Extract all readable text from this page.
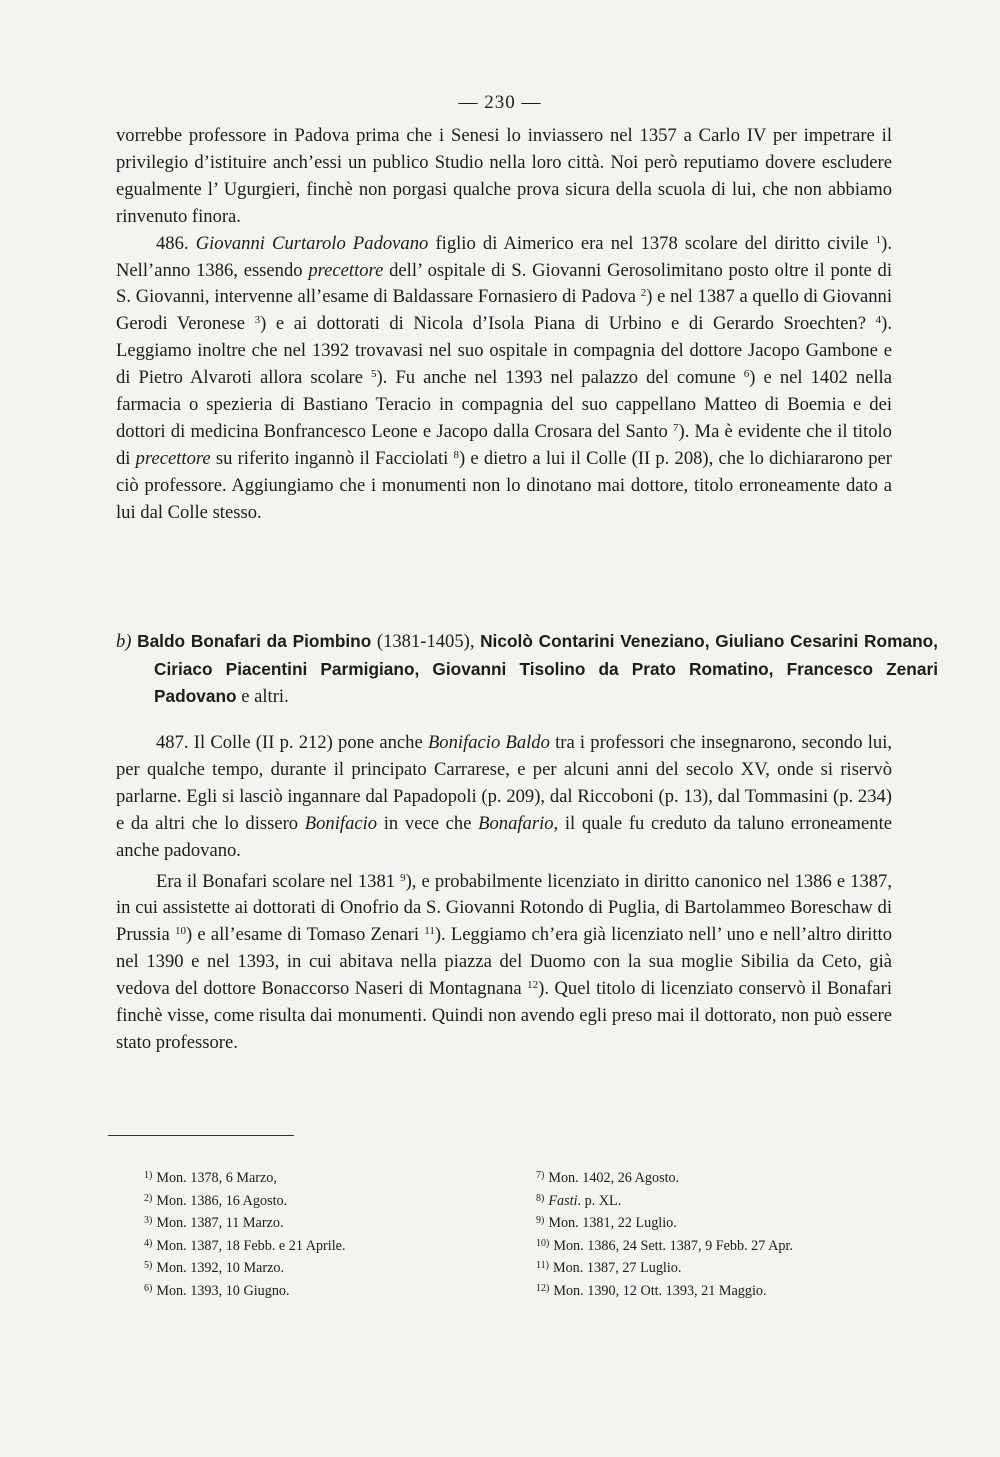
— 230 —

vorrebbe professore in Padova prima che i Senesi lo inviassero nel 1357 a Carlo IV per impetrare il privilegio d’istituire anch’essi un publico Studio nella loro città. Noi però reputiamo dovere escludere egualmente l’ Ugurgieri, finchè non porgasi qualche prova sicura della scuola di lui, che non abbiamo rinvenuto finora.

486. Giovanni Curtarolo Padovano figlio di Aimerico era nel 1378 scolare del diritto civile $^1$). Nell’anno 1386, essendo precettore dell’ ospitale di S. Giovanni Gerosolimitano posto oltre il ponte di S. Giovanni, intervenne all’esame di Baldassare Fornasiero di Padova $^2$) e nel 1387 a quello di Giovanni Gerodi Veronese $^3$) e ai dottorati di Nicola d’Isola Piana di Urbino e di Gerardo Sroechten? $^4$). Leggiamo inoltre che nel 1392 trovavasi nel suo ospitale in compagnia del dottore Jacopo Gambone e di Pietro Alvaroti allora scolare $^5$). Fu anche nel 1393 nel palazzo del comune $^6$) e nel 1402 nella farmacia o spezieria di Bastiano Teracio in compagnia del suo cappellano Matteo di Boemia e dei dottori di medicina Bonfrancesco Leone e Jacopo dalla Crosara del Santo $^7$). Ma è evidente che il titolo di precettore su riferito ingannò il Facciolati $^8$) e dietro a lui il Colle (II p. 208), che lo dichiararono per ciò professore. Aggiungiamo che i monumenti non lo dinotano mai dottore, titolo erroneamente dato a lui dal Colle stesso.

b) Baldo Bonafari da Piombino (1381-1405), Nicolò Contarini Veneziano, Giuliano Cesarini Romano, Ciriaco Piacentini Parmigiano, Giovanni Tisolino da Prato Romatino, Francesco Zenari Padovano e altri.

487. Il Colle (II p. 212) pone anche Bonifacio Baldo tra i professori che insegnarono, secondo lui, per qualche tempo, durante il principato Carrarese, e per alcuni anni del secolo XV, onde si riservò parlarne. Egli si lasciò ingannare dal Papadopoli (p. 209), dal Riccoboni (p. 13), dal Tommasini (p. 234) e da altri che lo dissero Bonifacio in vece che Bonafario, il quale fu creduto da taluno erroneamente anche padovano.

Era il Bonafari scolare nel 1381 $^9$), e probabilmente licenziato in diritto canonico nel 1386 e 1387, in cui assistette ai dottorati di Onofrio da S. Giovanni Rotondo di Puglia, di Bartolammeo Boreschaw di Prussia $^{10}$) e all’esame di Tomaso Zenari $^{11}$). Leggiamo ch’era già licenziato nell’ uno e nell’altro diritto nel 1390 e nel 1393, in cui abitava nella piazza del Duomo con la sua moglie Sibilia da Ceto, già vedova del dottore Bonaccorso Naseri di Montagnana $^{12}$). Quel titolo di licenziato conservò il Bonafari finchè visse, come risulta dai monumenti. Quindi non avendo egli preso mai il dottorato, non può essere stato professore.

$^{1)}$ Mon. 1378, 6 Marzo,
$^{2)}$ Mon. 1386, 16 Agosto.
$^{3)}$ Mon. 1387, 11 Marzo.
$^{4)}$ Mon. 1387, 18 Febb. e 21 Aprile.
$^{5)}$ Mon. 1392, 10 Marzo.
$^{6)}$ Mon. 1393, 10 Giugno.
$^{7)}$ Mon. 1402, 26 Agosto.
$^{8)}$ Fasti. p. XL.
$^{9)}$ Mon. 1381, 22 Luglio.
$^{10)}$ Mon. 1386, 24 Sett. 1387, 9 Febb. 27 Apr.
$^{11)}$ Mon. 1387, 27 Luglio.
$^{12)}$ Mon. 1390, 12 Ott. 1393, 21 Maggio.
